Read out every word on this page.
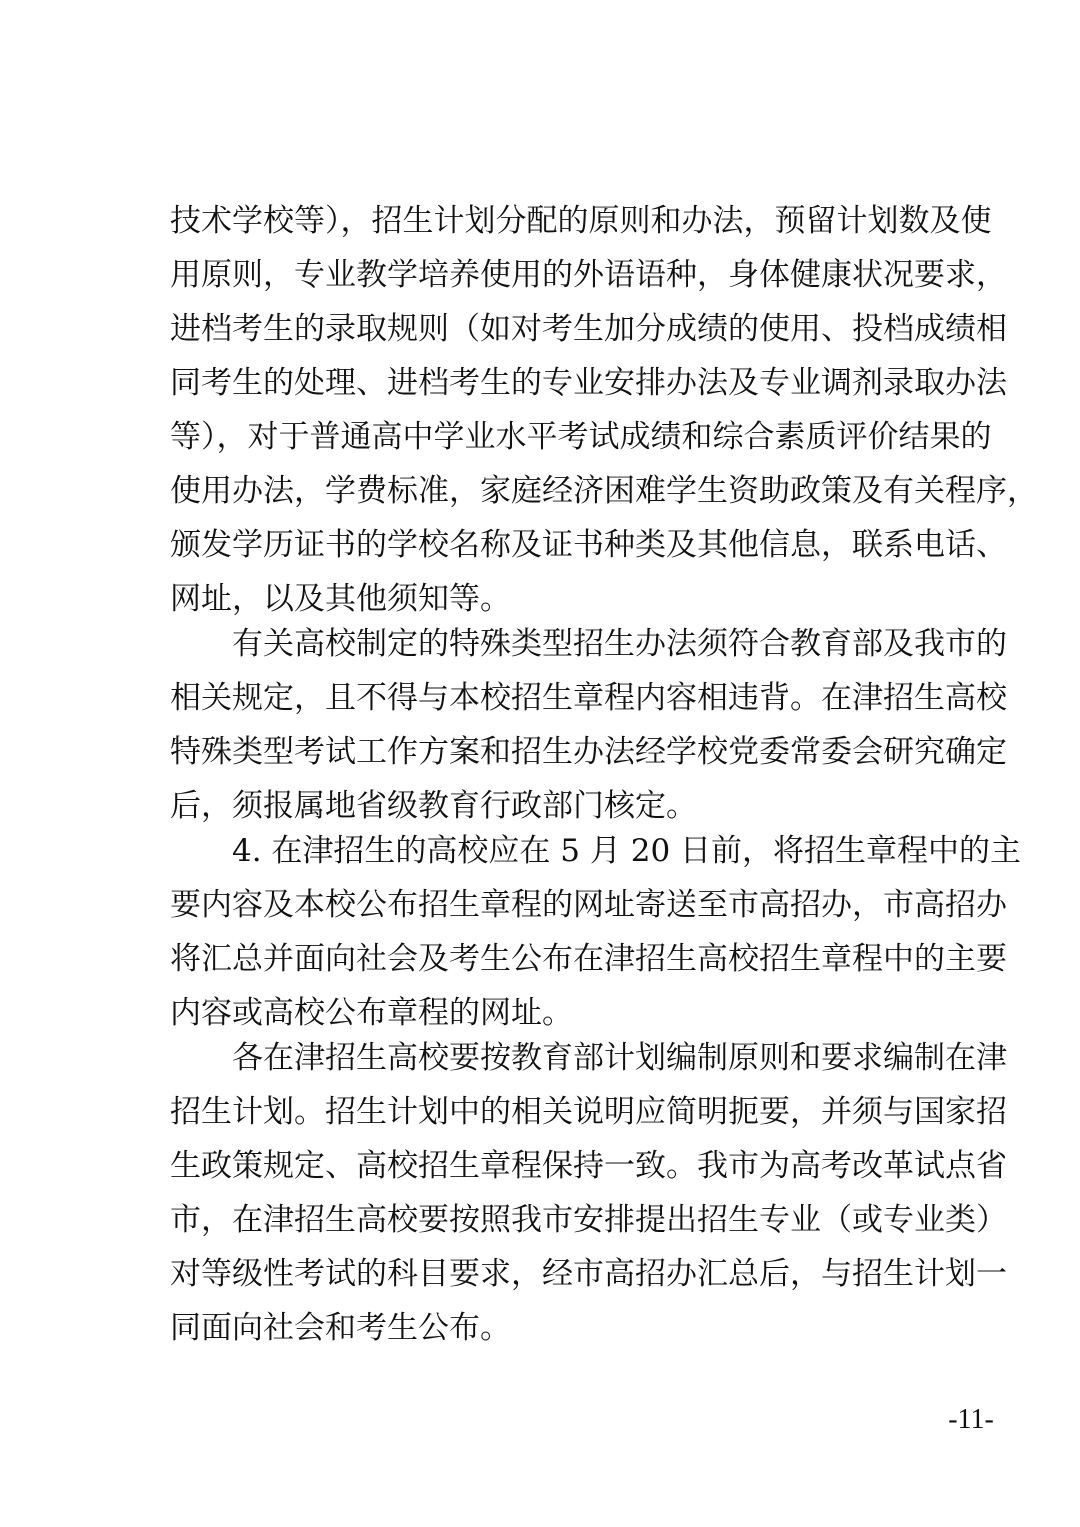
技术学校等），招生计划分配的原则和办法，预留计划数及使
用原则，专业教学培养使用的外语语种，身体健康状况要求，
进档考生的录取规则（如对考生加分成绩的使用、投档成绩相
同考生的处理、进档考生的专业安排办法及专业调剂录取办法
等），对于普通高中学业水平考试成绩和综合素质评价结果的
使用办法，学费标准，家庭经济困难学生资助政策及有关程序，
颁发学历证书的学校名称及证书种类及其他信息，联系电话、
网址，以及其他须知等。
　　有关高校制定的特殊类型招生办法须符合教育部及我市的
相关规定，且不得与本校招生章程内容相违背。在津招生高校
特殊类型考试工作方案和招生办法经学校党委常委会研究确定
后，须报属地省级教育行政部门核定。
　　4. 在津招生的高校应在 5 月 20 日前，将招生章程中的主
要内容及本校公布招生章程的网址寄送至市高招办，市高招办
将汇总并面向社会及考生公布在津招生高校招生章程中的主要
内容或高校公布章程的网址。
　　各在津招生高校要按教育部计划编制原则和要求编制在津
招生计划。招生计划中的相关说明应简明扼要，并须与国家招
生政策规定、高校招生章程保持一致。我市为高考改革试点省
市，在津招生高校要按照我市安排提出招生专业（或专业类）
对等级性考试的科目要求，经市高招办汇总后，与招生计划一
同面向社会和考生公布。
-11-
